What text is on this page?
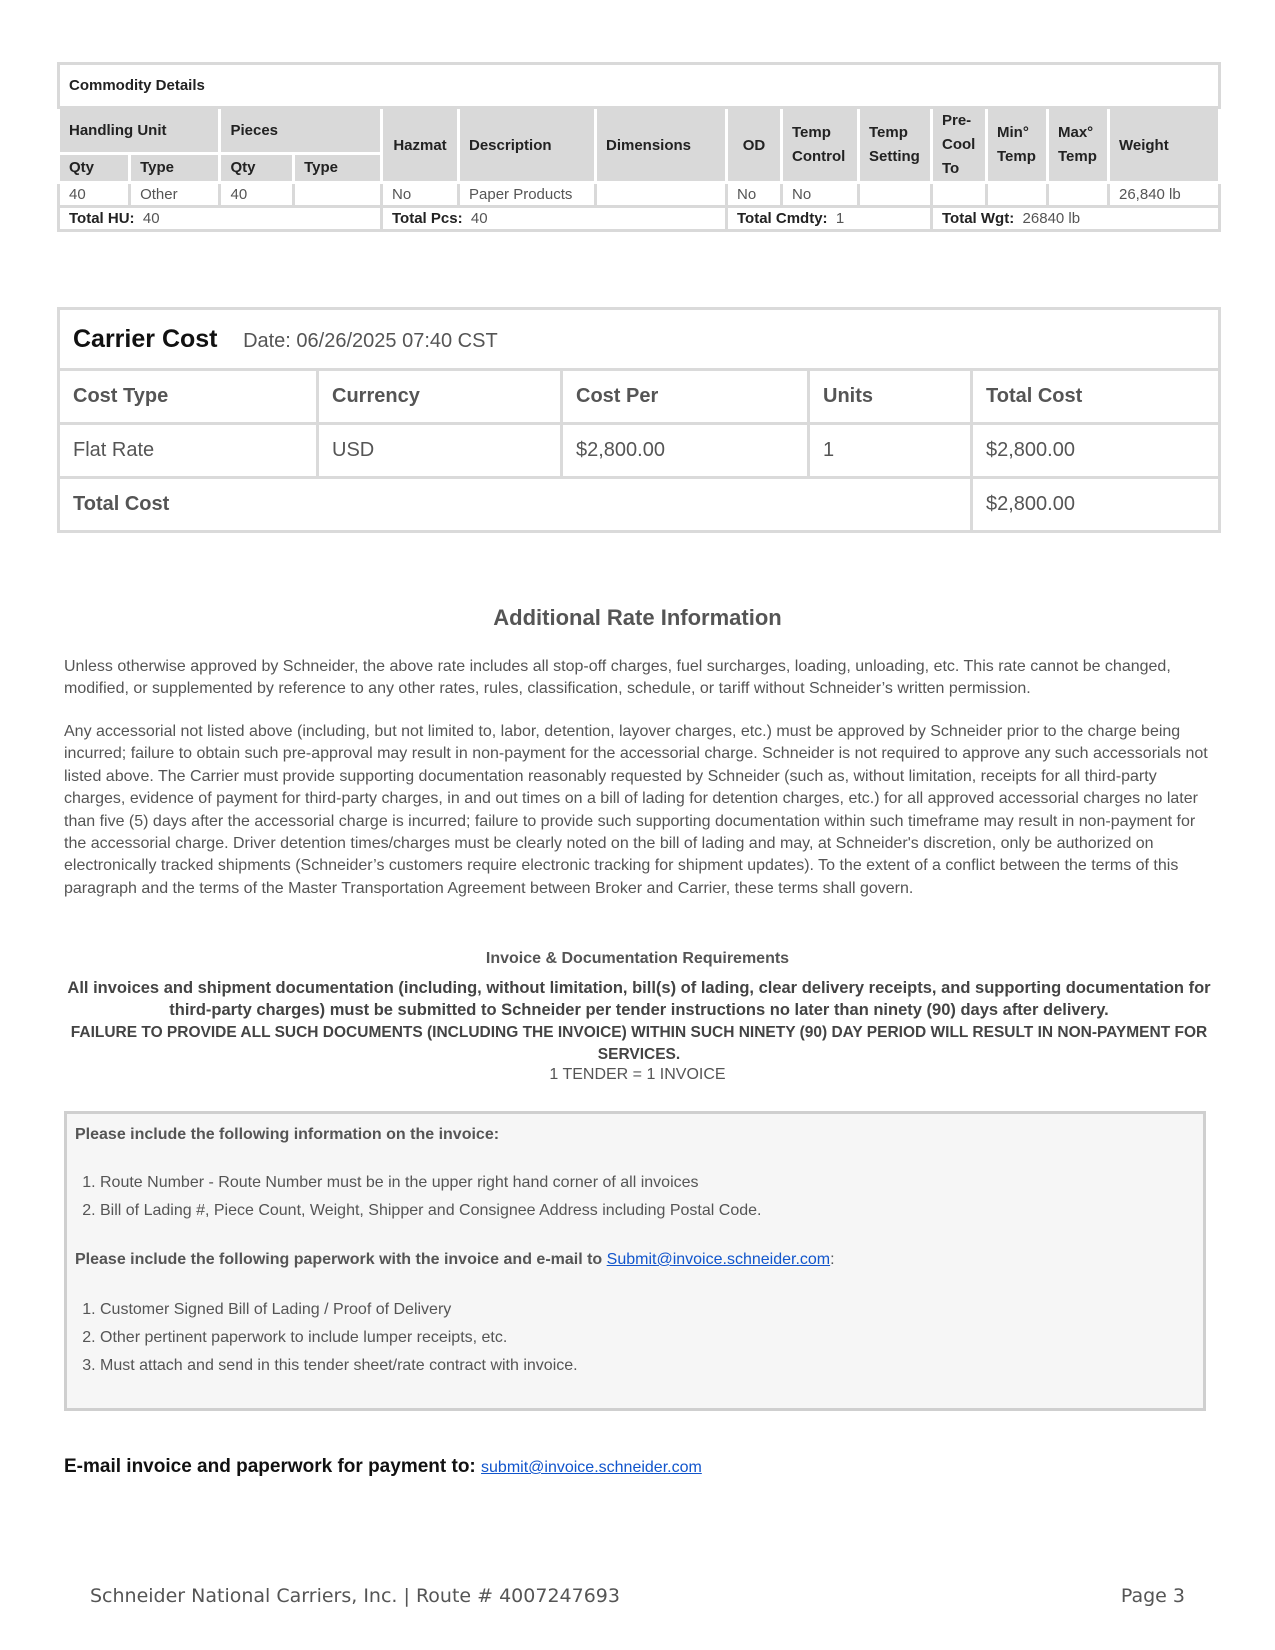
Commodity Details													
Handling Unit		Pieces		Hazmat	Description	Dimensions	OD	Temp Control	Temp Setting	Pre-Cool To	Min° Temp	Max° Temp	Weight
Qty	Type	Qty	Type										
40	Other	40		No	Paper Products		No	No					26,840 lb
Total HU: 40				Total Pcs: 40			Total Cmdty: 1			Total Wgt: 26840 lb			
Carrier Cost Date: 06/26/2025 07:40 CST				
Cost Type	Currency	Cost Per	Units	Total Cost
Flat Rate	USD	$2,800.00	1	$2,800.00
Total Cost				$2,800.00
Additional Rate Information

Unless otherwise approved by Schneider, the above rate includes all stop-off charges, fuel surcharges, loading, unloading, etc. This rate cannot be changed, modified, or supplemented by reference to any other rates, rules, classification, schedule, or tariff without Schneider’s written permission.

Any accessorial not listed above (including, but not limited to, labor, detention, layover charges, etc.) must be approved by Schneider prior to the charge being incurred; failure to obtain such pre-approval may result in non-payment for the accessorial charge. Schneider is not required to approve any such accessorials not listed above. The Carrier must provide supporting documentation reasonably requested by Schneider (such as, without limitation, receipts for all third-party charges, evidence of payment for third-party charges, in and out times on a bill of lading for detention charges, etc.) for all approved accessorial charges no later than five (5) days after the accessorial charge is incurred; failure to provide such supporting documentation within such timeframe may result in non-payment for the accessorial charge. Driver detention times/charges must be clearly noted on the bill of lading and may, at Schneider's discretion, only be authorized on electronically tracked shipments (Schneider’s customers require electronic tracking for shipment updates). To the extent of a conflict between the terms of this paragraph and the terms of the Master Transportation Agreement between Broker and Carrier, these terms shall govern.

Invoice & Documentation Requirements
All invoices and shipment documentation (including, without limitation, bill(s) of lading, clear delivery receipts, and supporting documentation for third-party charges) must be submitted to Schneider per tender instructions no later than ninety (90) days after delivery.
FAILURE TO PROVIDE ALL SUCH DOCUMENTS (INCLUDING THE INVOICE) WITHIN SUCH NINETY (90) DAY PERIOD WILL RESULT IN NON-PAYMENT FOR SERVICES.
1 TENDER = 1 INVOICE
Please include the following information on the invoice:
1. Route Number - Route Number must be in the upper right hand corner of all invoices
2. Bill of Lading #, Piece Count, Weight, Shipper and Consignee Address including Postal Code.
Please include the following paperwork with the invoice and e-mail to Submit@invoice.schneider.com:
1. Customer Signed Bill of Lading / Proof of Delivery
2. Other pertinent paperwork to include lumper receipts, etc.
3. Must attach and send in this tender sheet/rate contract with invoice.
E-mail invoice and paperwork for payment to: submit@invoice.schneider.com
Schneider National Carriers, Inc. | Route # 4007247693	Page 3
